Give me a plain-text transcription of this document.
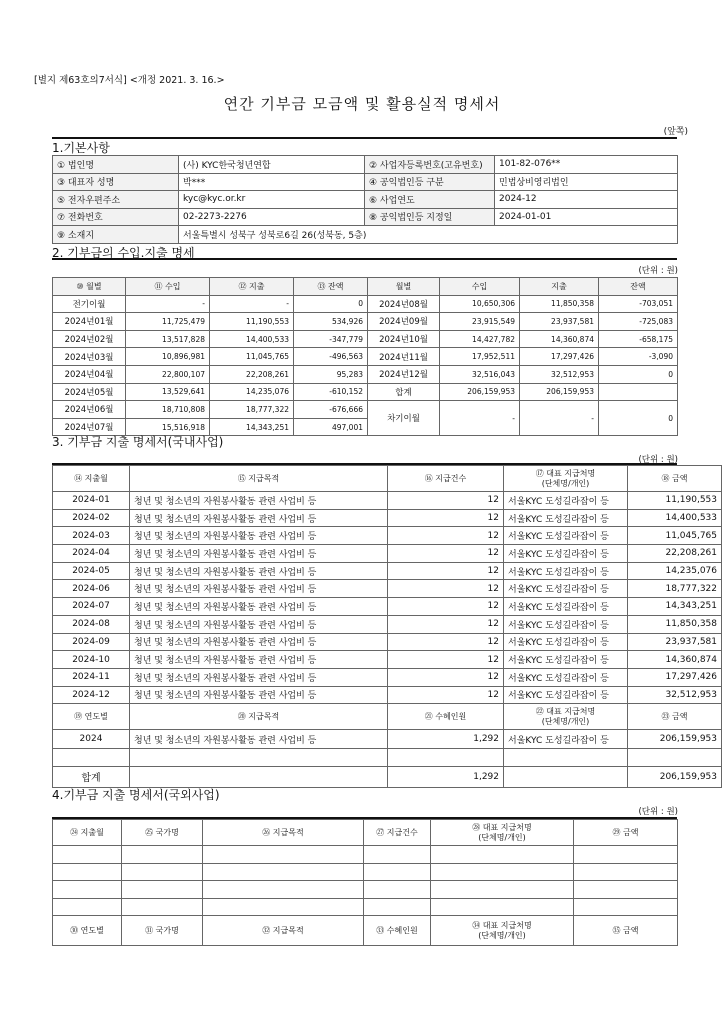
[별지 제63호의7서식] <개정 2021. 3. 16.>
연간 기부금 모금액 및 활용실적 명세서
(앞쪽)
1.기본사항
① 법인명	(사) KYC한국청년연합	② 사업자등록번호(고유번호)	101-82-076**
③ 대표자 성명	박***	④ 공익법인등 구분	민법상비영리법인
⑤ 전자우편주소	kyc@kyc.or.kr	⑥ 사업연도	2024-12
⑦ 전화번호	02-2273-2276	⑧ 공익법인등 지정일	2024-01-01
⑨ 소재지	서울특별시 성북구 성북로6길 26(성북동, 5층)		
2. 기부금의 수입.지출 명세
(단위 : 원)
⑩ 월별	⑪ 수입	⑫ 지출	⑬ 잔액	월별	수입	지출	잔액
전기이월	-	-	0	2024년08월	10,650,306	11,850,358	-703,051
2024년01월	11,725,479	11,190,553	534,926	2024년09월	23,915,549	23,937,581	-725,083
2024년02월	13,517,828	14,400,533	-347,779	2024년10월	14,427,782	14,360,874	-658,175
2024년03월	10,896,981	11,045,765	-496,563	2024년11월	17,952,511	17,297,426	-3,090
2024년04월	22,800,107	22,208,261	95,283	2024년12월	32,516,043	32,512,953	0
2024년05월	13,529,641	14,235,076	-610,152	합계	206,159,953	206,159,953	
2024년06월	18,710,808	18,777,322	-676,666	차기이월	-	-	0
2024년07월	15,516,918	14,343,251	497,001				
3. 기부금 지출 명세서(국내사업)
(단위 : 원)
⑭ 지출월	⑮ 지급목적	⑯ 지급건수	⑰ 대표 지급처명
(단체명/개인)	⑱ 금액
2024-01	청년 및 청소년의 자원봉사활동 관련 사업비 등	12	서울KYC 도성길라잡이 등	11,190,553
2024-02	청년 및 청소년의 자원봉사활동 관련 사업비 등	12	서울KYC 도성길라잡이 등	14,400,533
2024-03	청년 및 청소년의 자원봉사활동 관련 사업비 등	12	서울KYC 도성길라잡이 등	11,045,765
2024-04	청년 및 청소년의 자원봉사활동 관련 사업비 등	12	서울KYC 도성길라잡이 등	22,208,261
2024-05	청년 및 청소년의 자원봉사활동 관련 사업비 등	12	서울KYC 도성길라잡이 등	14,235,076
2024-06	청년 및 청소년의 자원봉사활동 관련 사업비 등	12	서울KYC 도성길라잡이 등	18,777,322
2024-07	청년 및 청소년의 자원봉사활동 관련 사업비 등	12	서울KYC 도성길라잡이 등	14,343,251
2024-08	청년 및 청소년의 자원봉사활동 관련 사업비 등	12	서울KYC 도성길라잡이 등	11,850,358
2024-09	청년 및 청소년의 자원봉사활동 관련 사업비 등	12	서울KYC 도성길라잡이 등	23,937,581
2024-10	청년 및 청소년의 자원봉사활동 관련 사업비 등	12	서울KYC 도성길라잡이 등	14,360,874
2024-11	청년 및 청소년의 자원봉사활동 관련 사업비 등	12	서울KYC 도성길라잡이 등	17,297,426
2024-12	청년 및 청소년의 자원봉사활동 관련 사업비 등	12	서울KYC 도성길라잡이 등	32,512,953
⑲ 연도별	⑳ 지급목적	㉑ 수혜인원	㉒ 대표 지급처명
(단체명/개인)	㉓ 금액
2024	청년 및 청소년의 자원봉사활동 관련 사업비 등	1,292	서울KYC 도성길라잡이 등	206,159,953

합계		1,292		206,159,953
4.기부금 지출 명세서(국외사업)
(단위 : 원)
㉔ 지출월	㉕ 국가명	㉖ 지급목적	㉗ 지급건수	㉘ 대표 지급처명
(단체명/개인)	㉙ 금액

㉚ 연도별	㉛ 국가명	㉜ 지급목적	㉝ 수혜인원	㉞ 대표 지급처명
(단체명/개인)	㉟ 금액
